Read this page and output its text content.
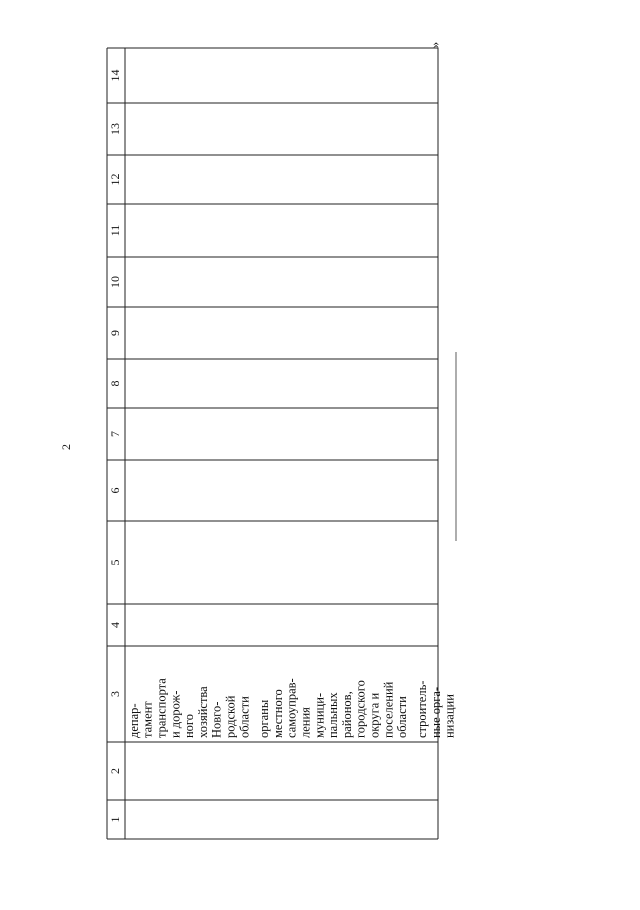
2
»
1
2
3
4
5
6
7
8
9
10
11
12
13
14
депар- тамент транспорта и дорож- ного хозяйства Новго- родской области органы местного самоуправ- ления муници- пальных районов, городского округа и поселений области строитель- ные орга- низации
